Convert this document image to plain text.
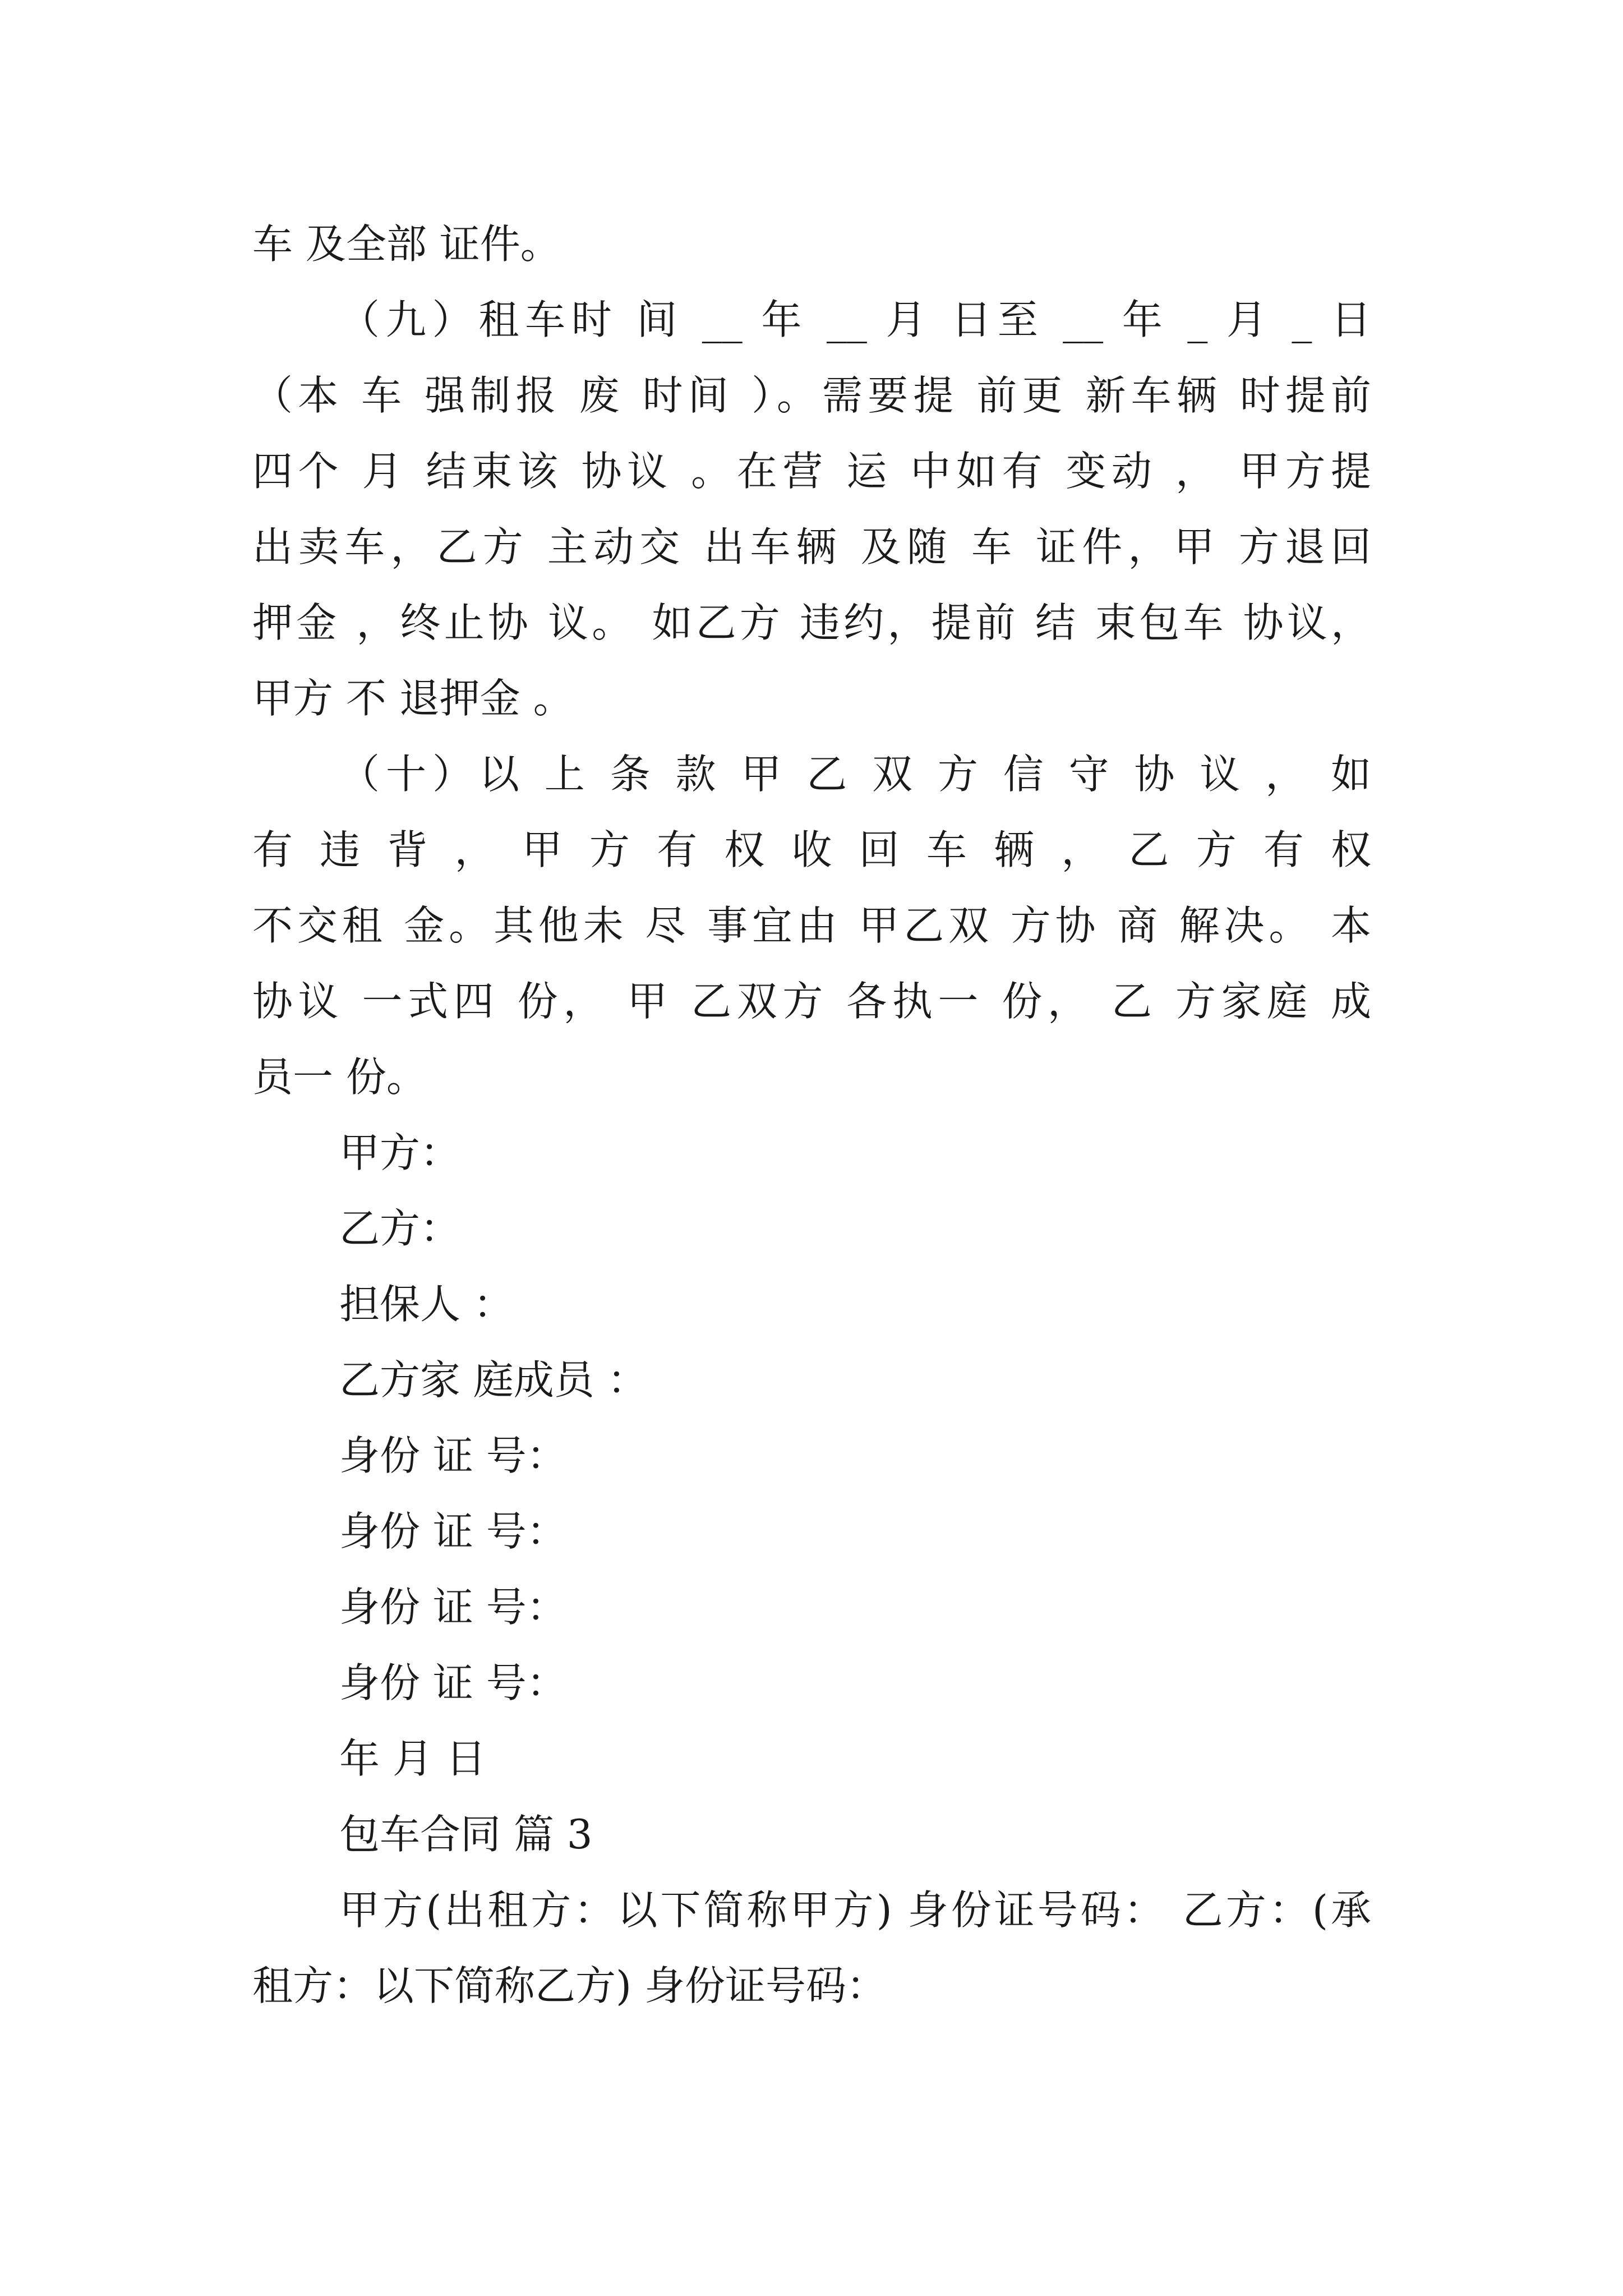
车 及全部 证件。

（九）租车时 间 __ 年 __ 月 日至 __ 年 _ 月 _ 日

（本 车 强制报 废 时间 ）。需要提 前更 新车辆 时提前

四个 月 结束该 协议 。在营 运 中如有 变动 ， 甲方提

出卖车，乙方 主动交 出车辆 及随 车 证件，甲 方退回

押金 ，终止协 议。 如乙方 违约，提前 结 束包车 协议，

甲方 不 退押金 。

（十）以 上 条 款 甲 乙 双 方 信 守 协 议 ， 如

有 违 背 ， 甲 方 有 权 收 回 车 辆 ， 乙 方 有 权

不交租 金。其他未 尽 事宜由 甲乙双 方协 商 解决。 本

协议 一式四 份， 甲 乙双方 各执一 份， 乙 方家庭 成

员一 份。

甲方：

乙方：

担保人 ：

乙方家 庭成员 ：

身份 证 号：

身份 证 号：

身份 证 号：

身份 证 号：

年 月 日

包车合同 篇 3

甲方(出租方：以下简称甲方) 身份证号码： 乙方：(承

租方：以下简称乙方) 身份证号码：
